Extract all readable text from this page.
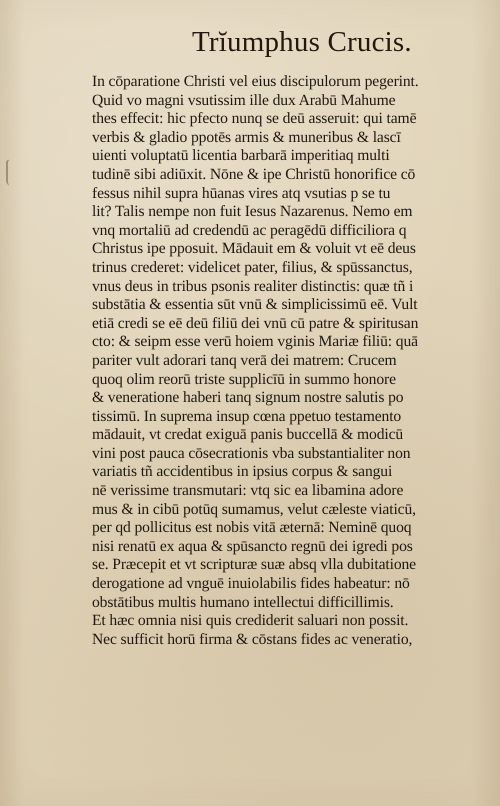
Trĭumphus Crucis.
In cōparatione Christi vel eius discipulorum pegerint.
Quid vo magni vsutissim ille dux Arabū Mahume
thes effecit: hic pfecto nunq se deū asseruit: qui tamē
verbis & gladio ppotēs armis & muneribus & lascī
uienti voluptatū licentia barbarā imperitiaq multi
tudinē sibi adiūxit. Nōne & ipe Christū honorifice cō
fessus nihil supra hūanas vires atq vsutias p se tu
lit? Talis nempe non fuit Iesus Nazarenus. Nemo em
vnq mortaliū ad credendū ac peragēdū difficiliora q
Christus ipe pposuit. Mādauit em & voluit vt eē deus
trinus crederet: videlicet pater, filius, & spūssanctus,
vnus deus in tribus psonis realiter distinctis: quæ tñ i
substātia & essentia sūt vnū & simplicissimū eē. Vult
etiā credi se eē deū filiū dei vnū cū patre & spiritusan
cto: & seipm esse verū hoiem vginis Mariæ filiū: quā
pariter vult adorari tanq verā dei matrem: Crucem
quoq olim reorū triste supplicīū in summo honore
& veneratione haberi tanq signum nostre salutis po
tissimū. In suprema insup cœna ppetuo testamento
mādauit, vt credat exiguā panis buccellā & modicū
vini post pauca cōsecrationis vba substantialiter non
variatis tñ accidentibus in ipsius corpus & sangui
nē verissime transmutari: vtq sic ea libamina adore
mus & in cibū potūq sumamus, velut cæleste viaticū,
per qd pollicitus est nobis vitā æternā: Neminē quoq
nisi renatū ex aqua & spūsancto regnū dei igredi pos
se. Præcepit et vt scripturæ suæ absq vlla dubitatione
derogatione ad vnguē inuiolabilis fides habeatur: nō
obstātibus multis humano intellectui difficillimis.
Et hæc omnia nisi quis crediderit saluari non possit.
Nec sufficit horū firma & cōstans fides ac veneratio,
